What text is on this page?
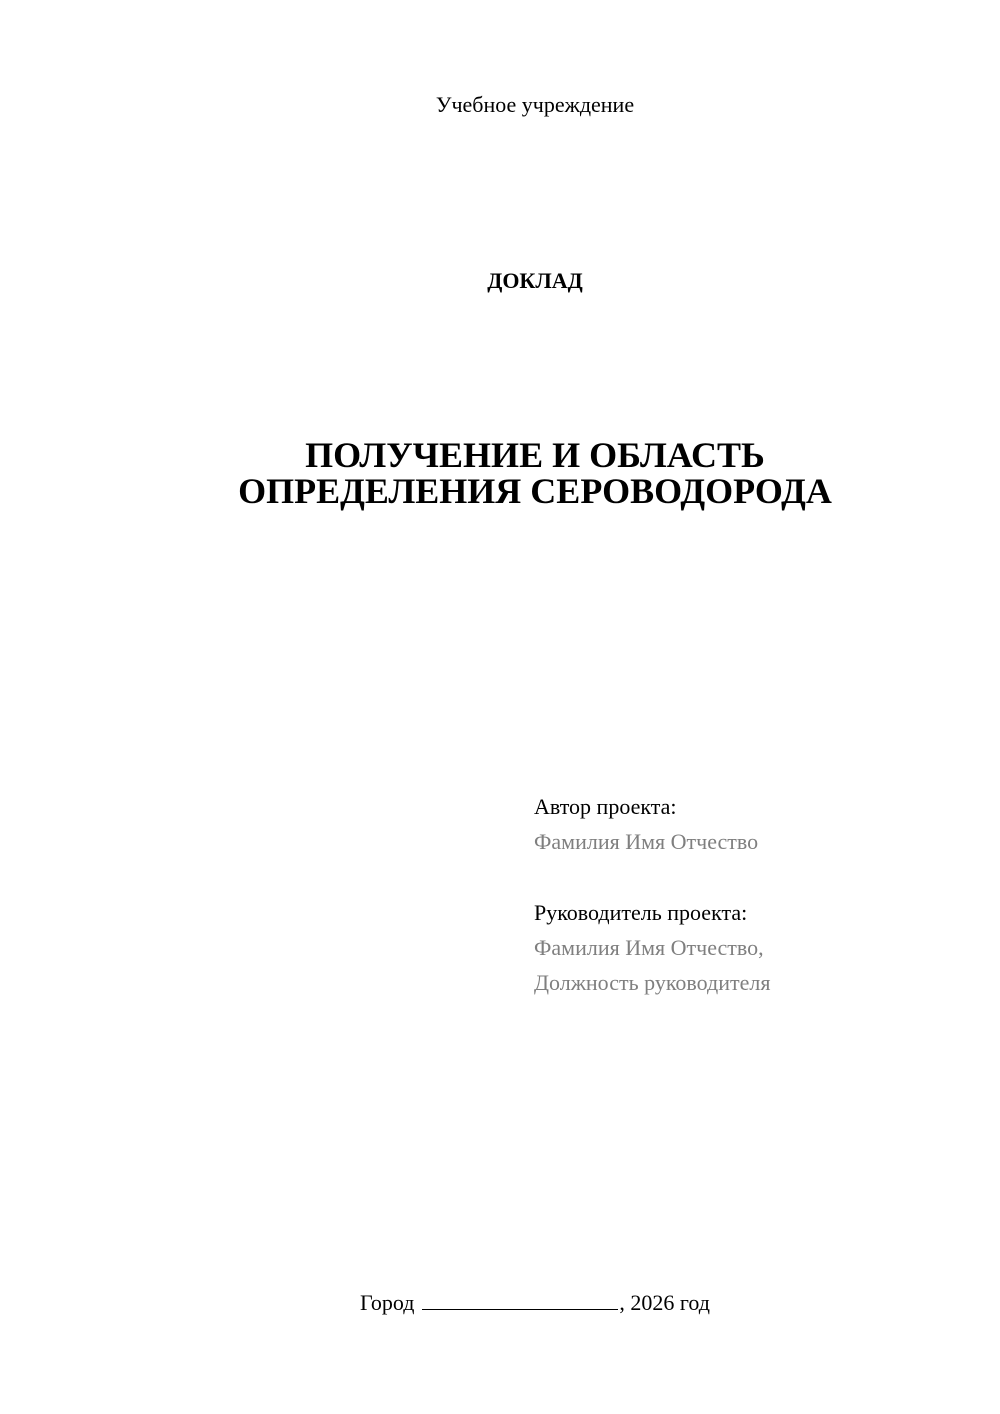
Учебное учреждение
ДОКЛАД
ПОЛУЧЕНИЕ И ОБЛАСТЬ
ОПРЕДЕЛЕНИЯ СЕРОВОДОРОДА
Автор проекта:
Фамилия Имя Отчество
Руководитель проекта:
Фамилия Имя Отчество,
Должность руководителя
Город	, 2026 год
